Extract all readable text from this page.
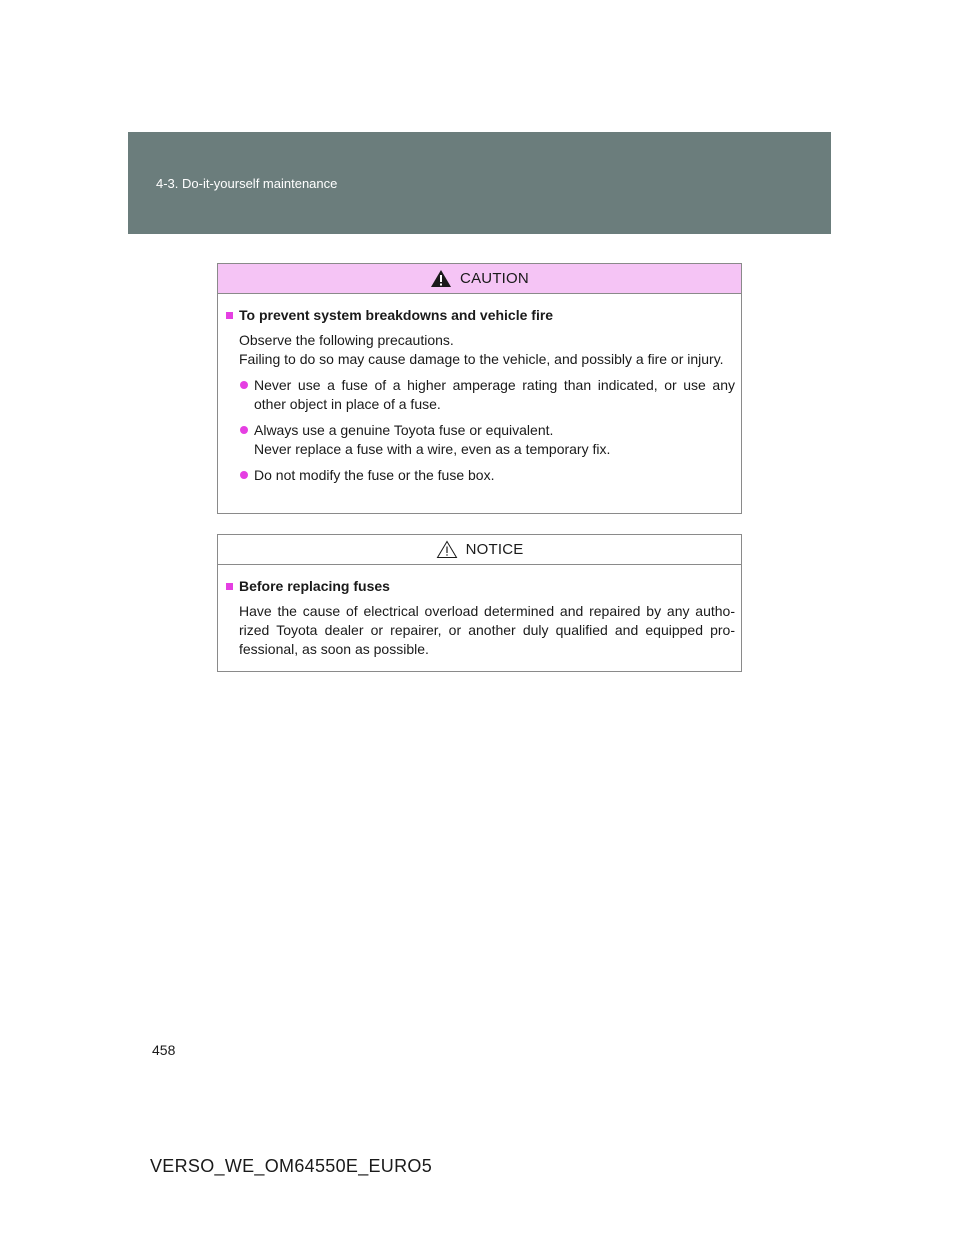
4-3. Do-it-yourself maintenance
CAUTION
To prevent system breakdowns and vehicle fire
Observe the following precautions.
Failing to do so may cause damage to the vehicle, and possibly a fire or injury.
Never use a fuse of a higher amperage rating than indicated, or use any other object in place of a fuse.
Always use a genuine Toyota fuse or equivalent.
Never replace a fuse with a wire, even as a temporary fix.
Do not modify the fuse or the fuse box.
NOTICE
Before replacing fuses
Have the cause of electrical overload determined and repaired by any autho-rized Toyota dealer or repairer, or another duly qualified and equipped pro-fessional, as soon as possible.
458
VERSO_WE_OM64550E_EURO5
